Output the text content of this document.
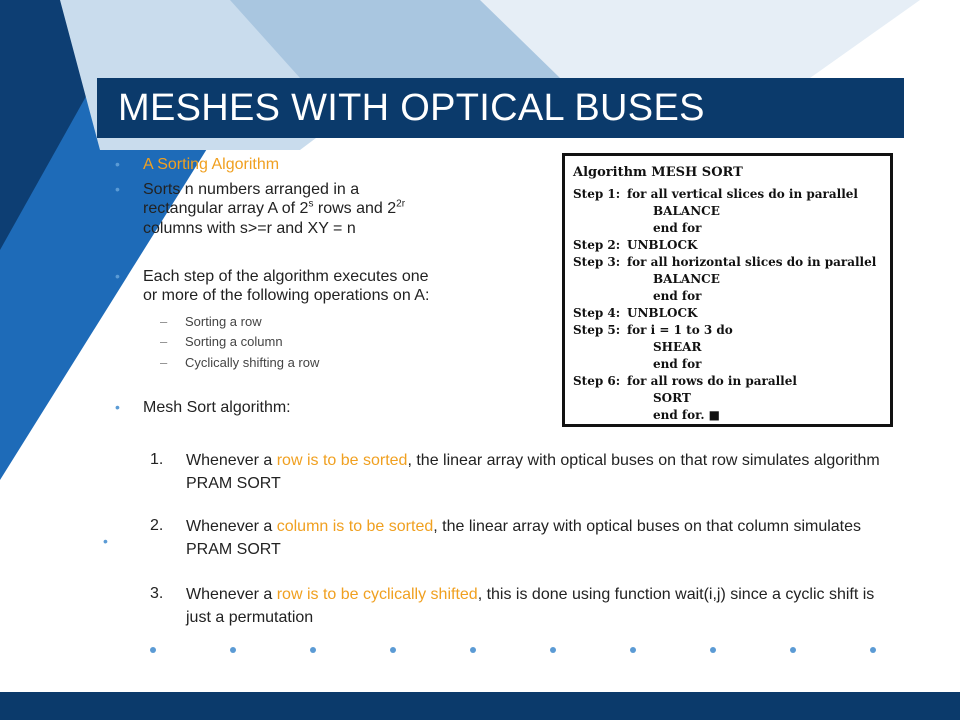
MESHES WITH OPTICAL BUSES
• A Sorting Algorithm
• Sorts n numbers arranged in a
rectangular array A of 2$^s$ rows and $2^{2r}$
columns with s>=r and XY = n
• Each step of the algorithm executes one
or more of the following operations on A:
– Sorting a row
– Sorting a column
– Cyclically shifting a row
• Mesh Sort algorithm:
•
1. Whenever a row is to be sorted, the linear array with optical buses on that row simulates algorithm PRAM SORT
2. Whenever a column is to be sorted, the linear array with optical buses on that column simulates PRAM SORT
3. Whenever a row is to be cyclically shifted, this is done using function wait(i,j) since a cyclic shift is just a permutation
Algorithm MESH SORT
Step 1: for all vertical slices do in parallel
BALANCE
end for
Step 2: UNBLOCK
Step 3: for all horizontal slices do in parallel
BALANCE
end for
Step 4: UNBLOCK
Step 5: for i = 1 to 3 do
SHEAR
end for
Step 6: for all rows do in parallel
SORT
end for. ■
